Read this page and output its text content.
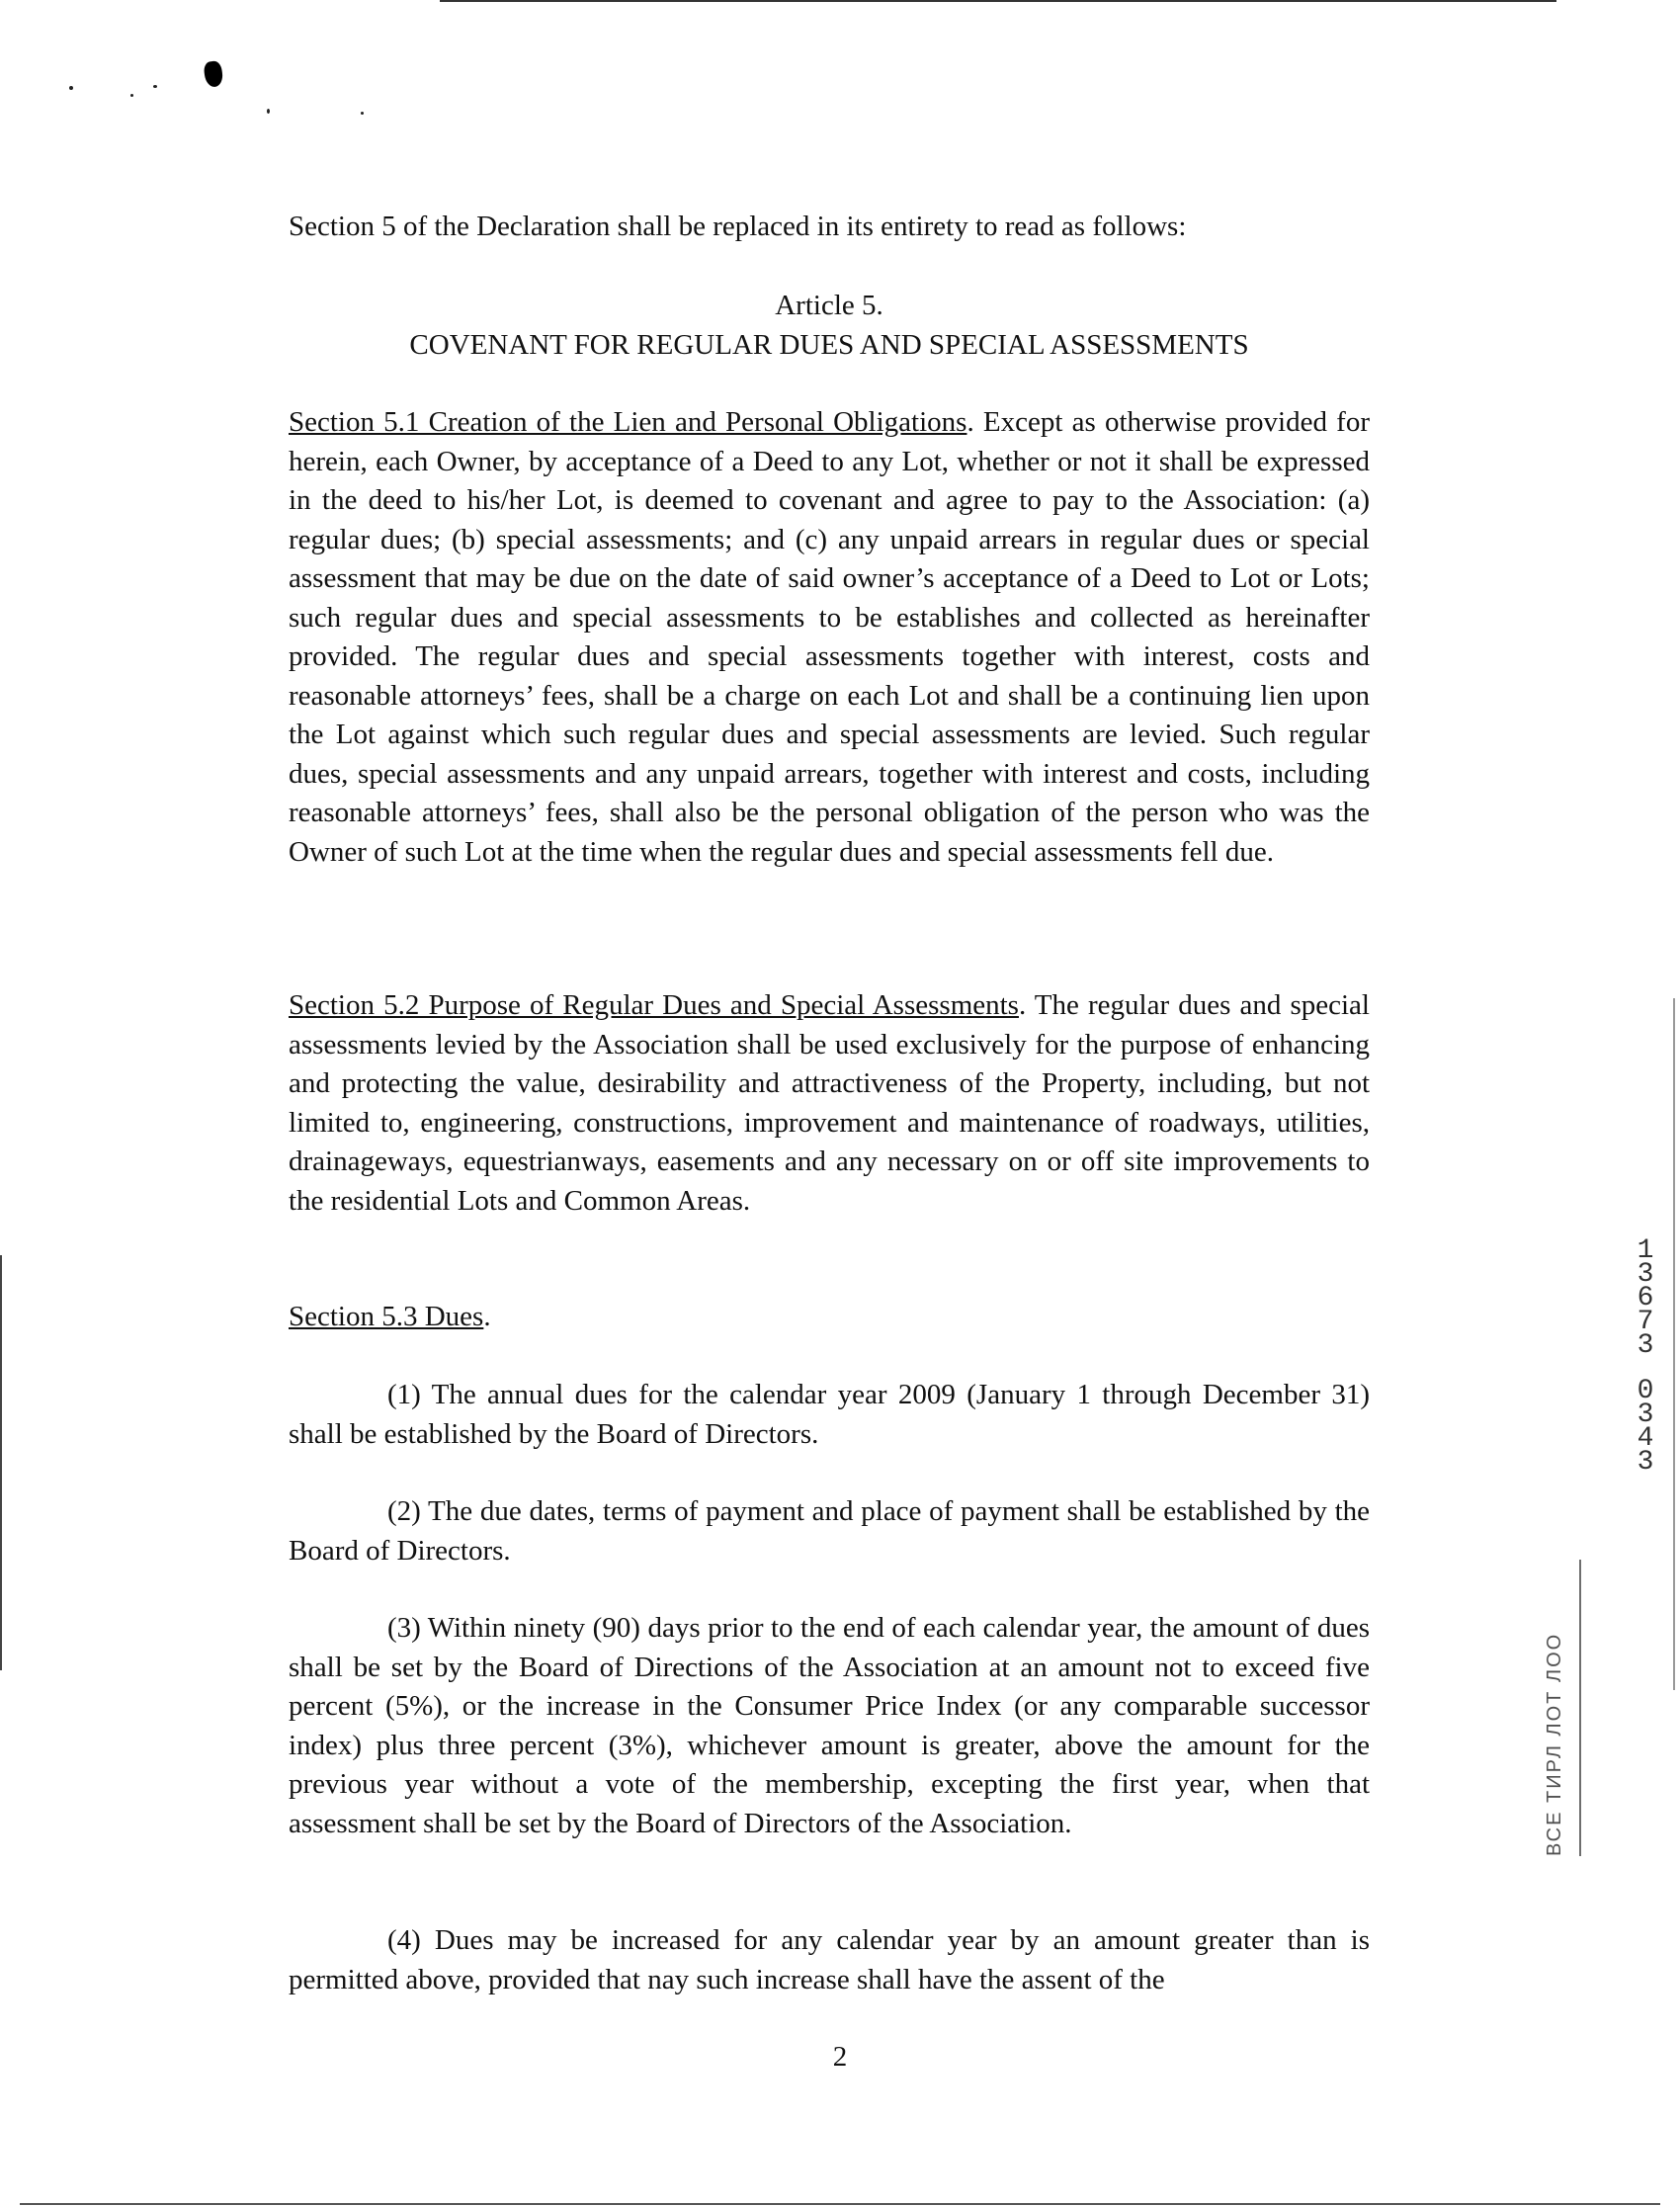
Section 5 of the Declaration shall be replaced in its entirety to read as follows:

Article 5.

COVENANT FOR REGULAR DUES AND SPECIAL ASSESSMENTS

Section 5.1 Creation of the Lien and Personal Obligations. Except as otherwise provided for herein, each Owner, by acceptance of a Deed to any Lot, whether or not it shall be expressed in the deed to his/her Lot, is deemed to covenant and agree to pay to the Association: (a) regular dues; (b) special assessments; and (c) any unpaid arrears in regular dues or special assessment that may be due on the date of said owner’s acceptance of a Deed to Lot or Lots; such regular dues and special assessments to be establishes and collected as hereinafter provided. The regular dues and special assessments together with interest, costs and reasonable attorneys’ fees, shall be a charge on each Lot and shall be a continuing lien upon the Lot against which such regular dues and special assessments are levied. Such regular dues, special assessments and any unpaid arrears, together with interest and costs, including reasonable attorneys’ fees, shall also be the personal obligation of the person who was the Owner of such Lot at the time when the regular dues and special assessments fell due.

Section 5.2 Purpose of Regular Dues and Special Assessments. The regular dues and special assessments levied by the Association shall be used exclusively for the purpose of enhancing and protecting the value, desirability and attractiveness of the Property, including, but not limited to, engineering, constructions, improvement and maintenance of roadways, utilities, drainageways, equestrianways, easements and any necessary on or off site improvements to the residential Lots and Common Areas.

Section 5.3 Dues.

(1) The annual dues for the calendar year 2009 (January 1 through December 31) shall be established by the Board of Directors.

(2) The due dates, terms of payment and place of payment shall be established by the Board of Directors.

(3) Within ninety (90) days prior to the end of each calendar year, the amount of dues shall be set by the Board of Directions of the Association at an amount not to exceed five percent (5%), or the increase in the Consumer Price Index (or any comparable successor index) plus three percent (3%), whichever amount is greater, above the amount for the previous year without a vote of the membership, excepting the first year, when that assessment shall be set by the Board of Directors of the Association.

(4) Dues may be increased for any calendar year by an amount greater than is permitted above, provided that nay such increase shall have the assent of the

1
3
6
7
3
0
3
4
3
ВСЕ ТИРЛ ЛОТ ЛОО
2
